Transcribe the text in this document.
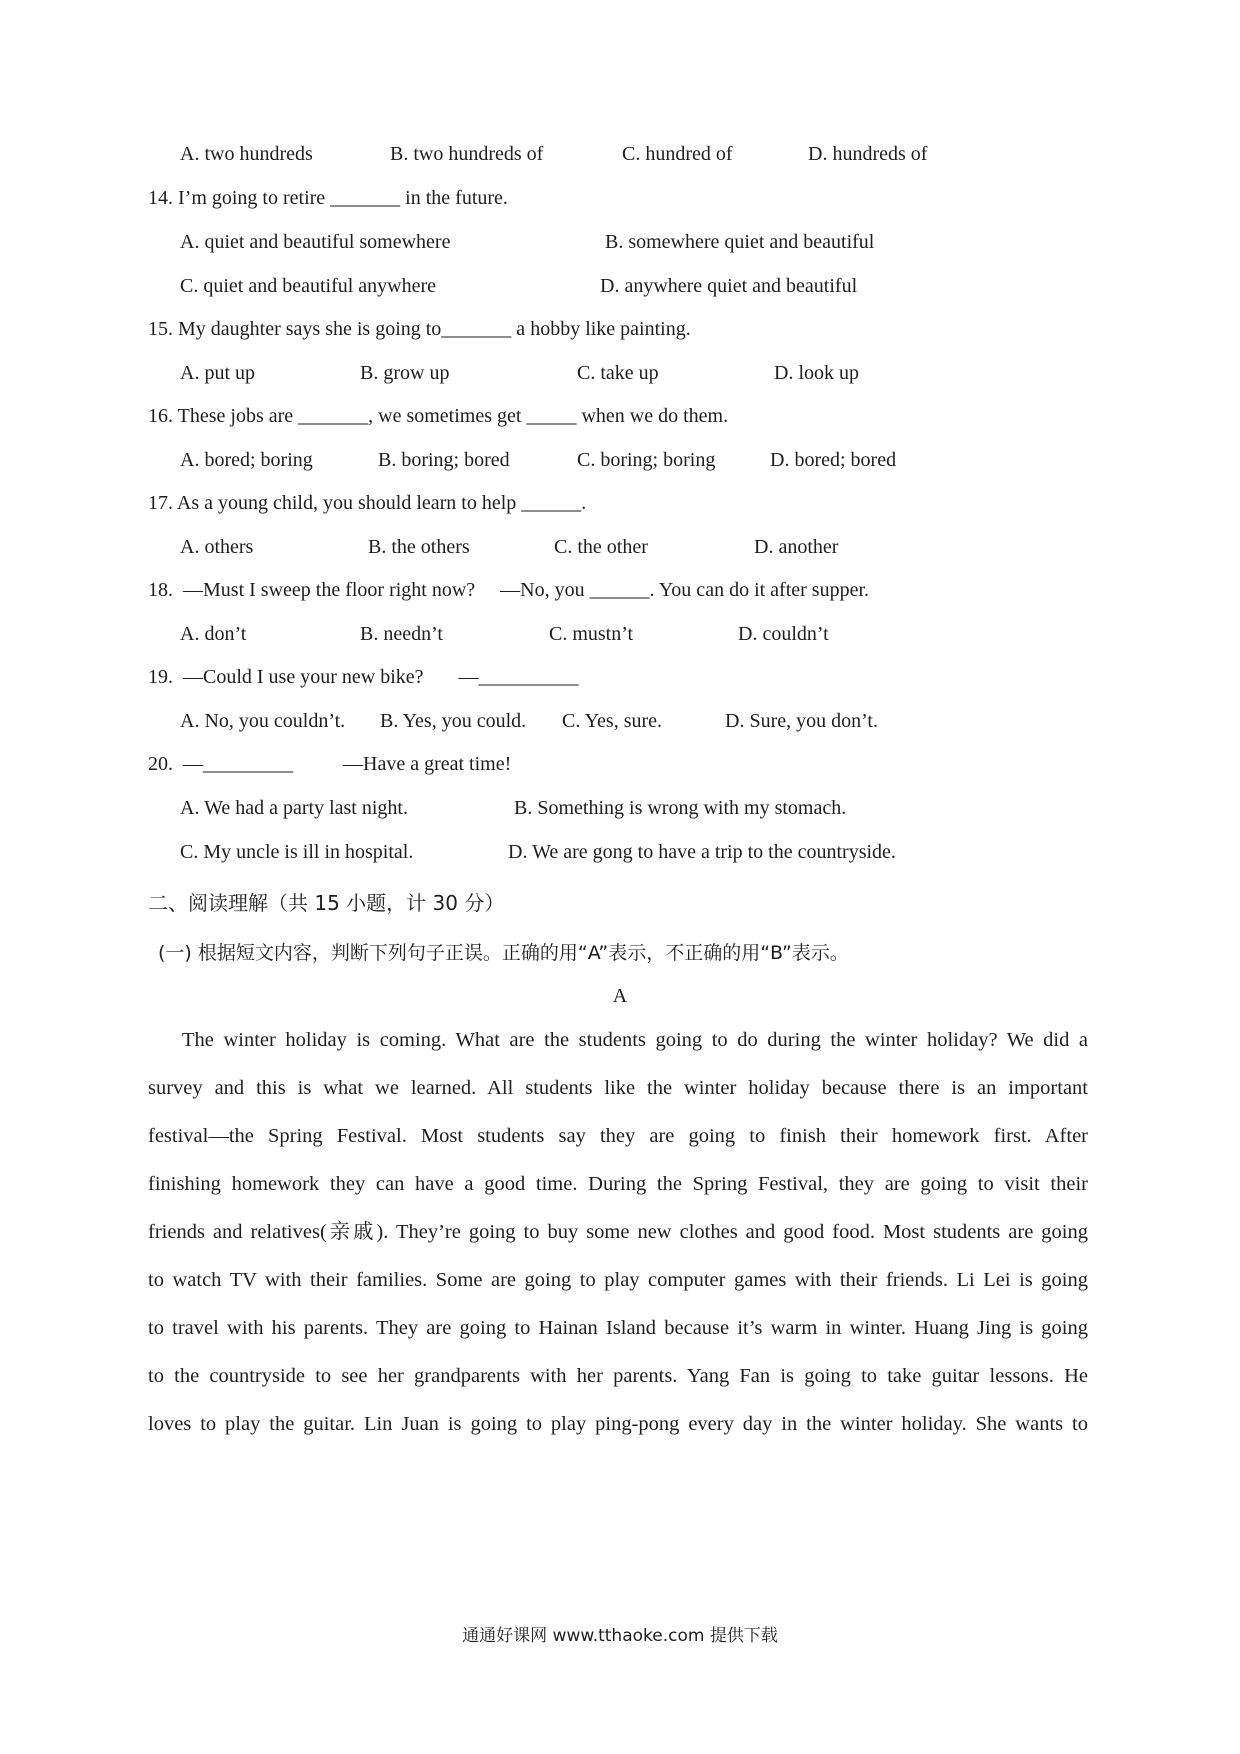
A. two hundreds	B. two hundreds of	C. hundred of	D. hundreds of
14. I’m going to retire _______ in the future.
A. quiet and beautiful somewhere	B. somewhere quiet and beautiful
C. quiet and beautiful anywhere	D. anywhere quiet and beautiful
15. My daughter says she is going to_______ a hobby like painting.
A. put up	B. grow up	C. take up	D. look up
16. These jobs are _______, we sometimes get _____ when we do them.
A. bored; boring	B. boring; bored	C. boring; boring	D. bored; bored
17. As a young child, you should learn to help ______.
A. others	B. the others	C. the other	D. another
18.  —Must I sweep the floor right now?     —No, you ______. You can do it after supper.
A. don’t	B. needn’t	C. mustn’t	D. couldn’t
19.  —Could I use your new bike?       —__________
A. No, you couldn’t. B. Yes, you could. C. Yes, sure.	D. Sure, you don’t.
20.  —_________          —Have a great time!
A. We had a party last night.	B. Something is wrong with my stomach.
C. My uncle is ill in hospital.	D. We are gong to have a trip to the countryside.
二、阅读理解（共 15 小题，计 30 分）
(一) 根据短文内容，判断下列句子正误。正确的用“A”表示，不正确的用“B”表示。
A
The winter holiday is coming. What are the students going to do during the winter holiday? We did a
survey and this is what we learned. All students like the winter holiday because there is an important
festival—the Spring Festival. Most students say they are going to finish their homework first. After
finishing homework they can have a good time. During the Spring Festival, they are going to visit their
friends and relatives(亲戚). They’re going to buy some new clothes and good food. Most students are going
to watch TV with their families. Some are going to play computer games with their friends. Li Lei is going
to travel with his parents. They are going to Hainan Island because it’s warm in winter. Huang Jing is going
to the countryside to see her grandparents with her parents. Yang Fan is going to take guitar lessons. He
loves to play the guitar. Lin Juan is going to play ping-pong every day in the winter holiday. She wants to
通通好课网 www.tthaoke.com 提供下载
